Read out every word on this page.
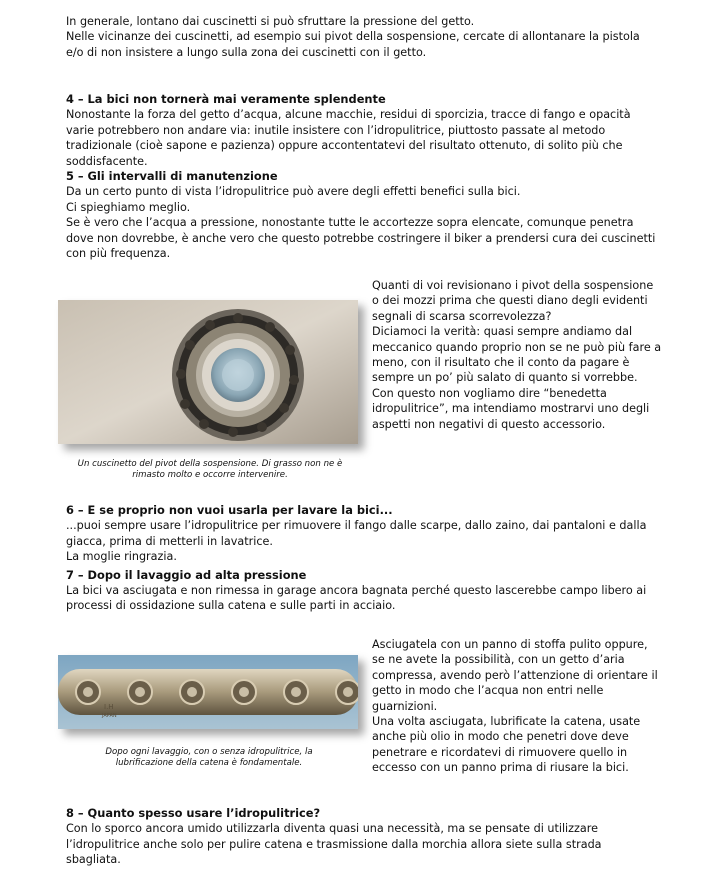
In generale, lontano dai cuscinetti si può sfruttare la pressione del getto.

Nelle vicinanze dei cuscinetti, ad esempio sui pivot della sospensione, cercate di allontanare la pistola e/o di non insistere a lungo sulla zona dei cuscinetti con il getto.

4 – La bici non tornerà mai veramente splendente

Nonostante la forza del getto d’acqua, alcune macchie, residui di sporcizia, tracce di fango e opacità varie potrebbero non andare via: inutile insistere con l’idropulitrice, piuttosto passate al metodo tradizionale (cioè sapone e pazienza) oppure accontentatevi del risultato ottenuto, di solito più che soddisfacente.

5 – Gli intervalli di manutenzione

Da un certo punto di vista l’idropulitrice può avere degli effetti benefici sulla bici.

Ci spieghiamo meglio.

Se è vero che l’acqua a pressione, nonostante tutte le accortezze sopra elencate, comunque penetra dove non dovrebbe, è anche vero che questo potrebbe costringere il biker a prendersi cura dei cuscinetti con più frequenza.

Un cuscinetto del pivot della sospensione. Di grasso non ne è rimasto molto e occorre intervenire.

Quanti di voi revisionano i pivot della sospensione o dei mozzi prima che questi diano degli evidenti segnali di scarsa scorrevolezza?

Diciamoci la verità: quasi sempre andiamo dal meccanico quando proprio non se ne può più fare a meno, con il risultato che il conto da pagare è sempre un po’ più salato di quanto si vorrebbe.

Con questo non vogliamo dire “benedetta idropulitrice”, ma intendiamo mostrarvi uno degli aspetti non negativi di questo accessorio.

6 – E se proprio non vuoi usarla per lavare la bici...

...puoi sempre usare l’idropulitrice per rimuovere il fango dalle scarpe, dallo zaino, dai pantaloni e dalla giacca, prima di metterli in lavatrice.

La moglie ringrazia.

7 – Dopo il lavaggio ad alta pressione

La bici va asciugata e non rimessa in garage ancora bagnata perché questo lascerebbe campo libero ai processi di ossidazione sulla catena e sulle parti in acciaio.

I.H
JAPAN
Dopo ogni lavaggio, con o senza idropulitrice, la lubrificazione della catena è fondamentale.

Asciugatela con un panno di stoffa pulito oppure, se ne avete la possibilità, con un getto d’aria compressa, avendo però l’attenzione di orientare il getto in modo che l’acqua non entri nelle guarnizioni.

Una volta asciugata, lubrificate la catena, usate anche più olio in modo che penetri dove deve penetrare e ricordatevi di rimuovere quello in eccesso con un panno prima di riusare la bici.

8 – Quanto spesso usare l’idropulitrice?

Con lo sporco ancora umido utilizzarla diventa quasi una necessità, ma se pensate di utilizzare l’idropulitrice anche solo per pulire catena e trasmissione dalla morchia allora siete sulla strada sbagliata.
